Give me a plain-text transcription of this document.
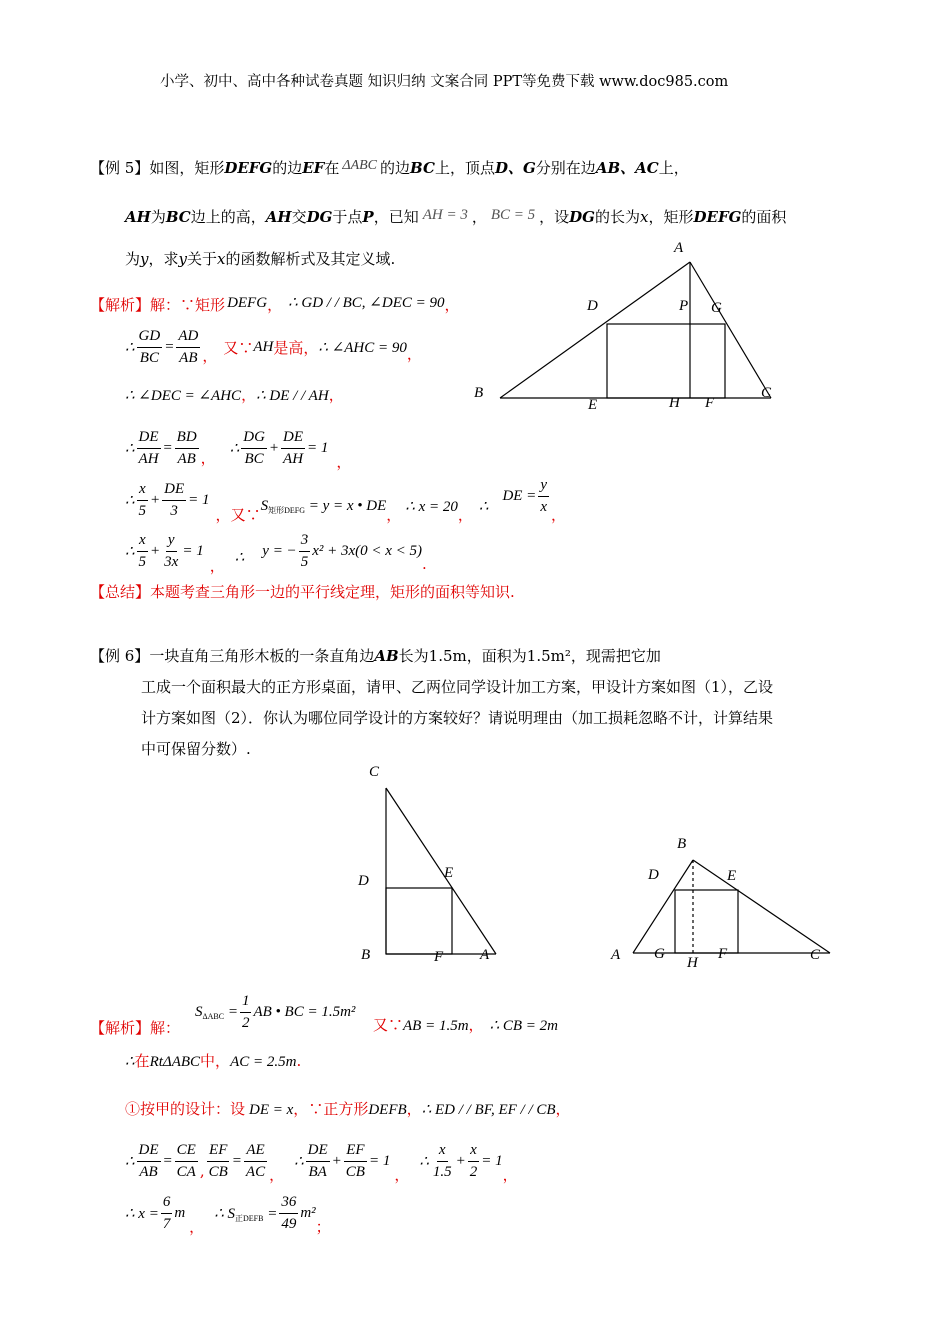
小学、初中、高中各种试卷真题 知识归纳 文案合同 PPT等免费下载 www.doc985.com
【例 5】如图，矩形DEFG的边EF在 ΔABC 的边BC上，顶点D、G分别在边AB、AC上，
AH为BC边上的高，AH交DG于点P，已知 AH = 3 ， BC = 5 ，设DG的长为x，矩形DEFG的面积
为y，求y关于x的函数解析式及其定义域.
A
D	P G
B
E	H F
C
【解析】解：∵矩形 DEFG， ∴ GD / / BC, ∠DEC = 90，
∴ $\frac{GD}{BC} = \frac{AD}{AB}$ ， 又∵ AH 是高 ， ∴ ∠AHC = 90 ，
∴ ∠DEC = ∠AHC，∴ DE / / AH，
∴ $\frac{DE}{AH} = \frac{BD}{AB}$ ， ∴ $\frac{DG}{BC} + \frac{DE}{AH} = 1$
，
∴ $\frac{x}{5} + \frac{DE}{3} = 1$
， 又∵
$S_{矩形DEFG} = y = x$ • DE
， ∴ x = 20 ， ∴
DE = $\frac{y}{x}$ ，
∴ $\frac{x}{5} + \frac{y}{3x} = 1$
， ∴ y = − $\frac{3}{5} x^2 + 3x(0 < x < 5)$
.
【总结】本题考查三角形一边的平行线定理，矩形的面积等知识.
【例 6】一块直角三角形木板的一条直角边AB长为1.5m，面积为1.5m²，现需把它加
工成一个面积最大的正方形桌面，请甲、乙两位同学设计加工方案，甲设计方案如图（1），乙设
计方案如图（2）．你认为哪位同学设计的方案较好？请说明理由（加工损耗忽略不计，计算结果
中可保留分数）.
C
D	E
B	F A
B
D	E
A G
H
F	C
$S_{\Delta ABC} = \frac{1}{2}$ AB • BC = 1.5m²
【解析】解：	又∵AB = 1.5m， ∴ CB = 2m
∴在RtΔABC中，AC = 2.5m.
①按甲的设计：设 DE = x，∵正方形DEFB，∴ ED / / BF, EF / / CB，
∴ $\frac{DE}{AB} = \frac{CE}{CA}$ , $\frac{EF}{CB} = \frac{AE}{AC}$ ，
∴ $\frac{DE}{BA} + \frac{EF}{CB} = 1$
，
∴ $\frac{x}{1.5} + \frac{x}{2} = 1$
，
∴ $x = \frac{6}{7}$ m
，
∴ $S_{正DEFB} = \frac{36}{49} m^2$
；
